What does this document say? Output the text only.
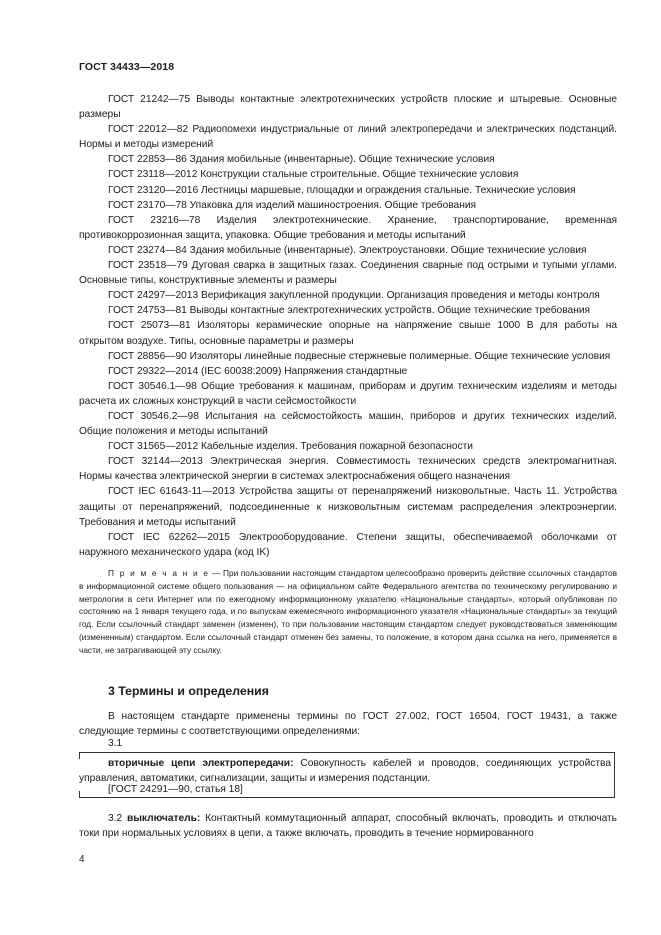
ГОСТ 34433—2018

ГОСТ 21242—75 Выводы контактные электротехнических устройств плоские и штыревые. Основные размеры

ГОСТ 22012—82 Радиопомехи индустриальные от линий электропередачи и электрических подстанций. Нормы и методы измерений

ГОСТ 22853—86 Здания мобильные (инвентарные). Общие технические условия

ГОСТ 23118—2012 Конструкции стальные строительные. Общие технические условия

ГОСТ 23120—2016 Лестницы маршевые, площадки и ограждения стальные. Технические условия

ГОСТ 23170—78 Упаковка для изделий машиностроения. Общие требования

ГОСТ 23216—78 Изделия электротехнические. Хранение, транспортирование, временная противокоррозионная защита, упаковка. Общие требования и методы испытаний

ГОСТ 23274—84 Здания мобильные (инвентарные). Электроустановки. Общие технические условия

ГОСТ 23518—79 Дуговая сварка в защитных газах. Соединения сварные под острыми и тупыми углами. Основные типы, конструктивные элементы и размеры

ГОСТ 24297—2013 Верификация закупленной продукции. Организация проведения и методы контроля

ГОСТ 24753—81 Выводы контактные электротехнических устройств. Общие технические требования

ГОСТ 25073—81 Изоляторы керамические опорные на напряжение свыше 1000 В для работы на открытом воздухе. Типы, основные параметры и размеры

ГОСТ 28856—90 Изоляторы линейные подвесные стержневые полимерные. Общие технические условия

ГОСТ 29322—2014 (IEC 60038:2009) Напряжения стандартные

ГОСТ 30546.1—98 Общие требования к машинам, приборам и другим техническим изделиям и методы расчета их сложных конструкций в части сейсмостойкости

ГОСТ 30546.2—98 Испытания на сейсмостойкость машин, приборов и других технических изделий. Общие положения и методы испытаний

ГОСТ 31565—2012 Кабельные изделия. Требования пожарной безопасности

ГОСТ 32144—2013 Электрическая энергия. Совместимость технических средств электромагнитная. Нормы качества электрической энергии в системах электроснабжения общего назначения

ГОСТ IEC 61643-11—2013 Устройства защиты от перенапряжений низковольтные. Часть 11. Устройства защиты от перенапряжений, подсоединенные к низковольтным системам распределения электроэнергии. Требования и методы испытаний

ГОСТ IEC 62262—2015 Электрооборудование. Степени защиты, обеспечиваемой оболочками от наружного механического удара (код IK)

П р и м е ч а н и е — При пользовании настоящим стандартом целесообразно проверить действие ссылочных стандартов в информационной системе общего пользования — на официальном сайте Федерального агентства по техническому регулированию и метрологии в сети Интернет или по ежегодному информационному указателю «Национальные стандарты», который опубликован по состоянию на 1 января текущего года, и по выпускам ежемесячного информационного указателя «Национальные стандарты» за текущий год. Если ссылочный стандарт заменен (изменен), то при пользовании настоящим стандартом следует руководствоваться заменяющим (измененным) стандартом. Если ссылочный стандарт отменен без замены, то положение, в котором дана ссылка на него, применяется в части, не затрагивающей эту ссылку.

3 Термины и определения

В настоящем стандарте применены термины по ГОСТ 27.002, ГОСТ 16504, ГОСТ 19431, а также следующие термины с соответствующими определениями:

3.1

вторичные цепи электропередачи: Совокупность кабелей и проводов, соединяющих устройства управления, автоматики, сигнализации, защиты и измерения подстанции.

[ГОСТ 24291—90, статья 18]

3.2 выключатель: Контактный коммутационный аппарат, способный включать, проводить и отключать токи при нормальных условиях в цепи, а также включать, проводить в течение нормированного

4
